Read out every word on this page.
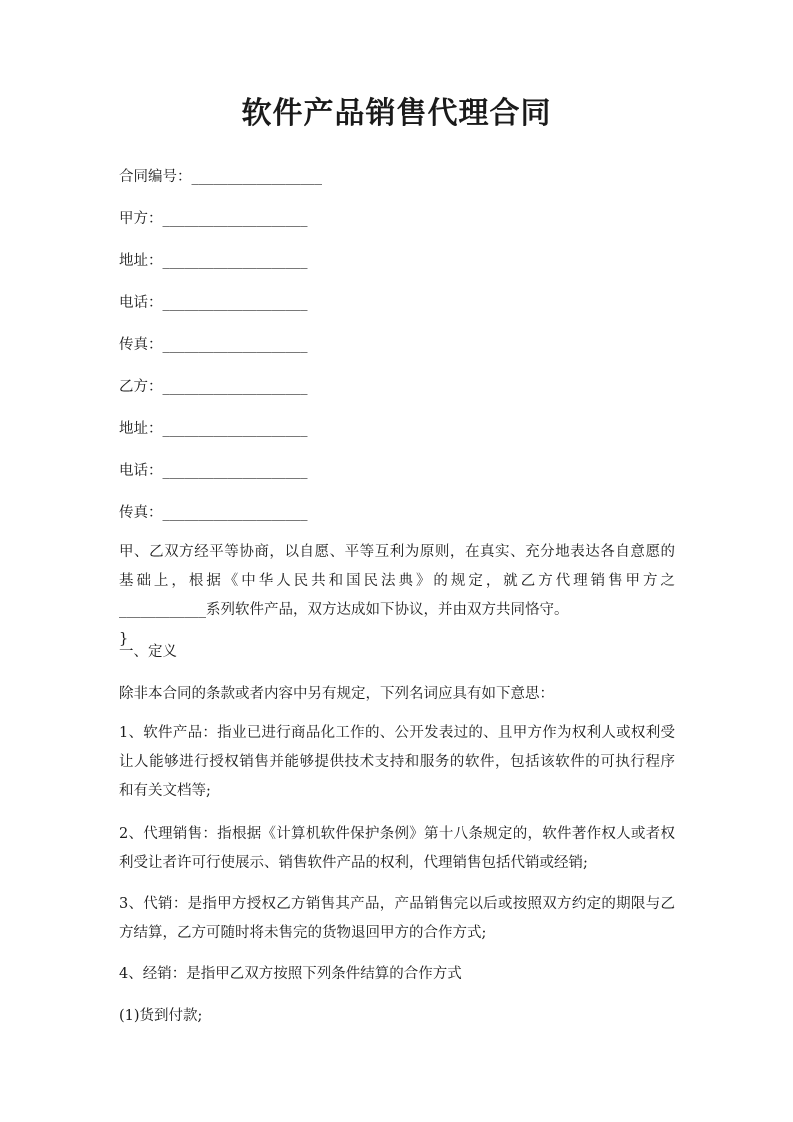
软件产品销售代理合同
合同编号：__________________
甲方：____________________
地址：____________________
电话：____________________
传真：____________________
乙方：____________________
地址：____________________
电话：____________________
传真：____________________
甲、乙双方经平等协商，以自愿、平等互利为原则，在真实、充分地表达各自意愿的
基础上，根据《中华人民共和国民法典》的规定，就乙方代理销售甲方之
____________系列软件产品，双方达成如下协议，并由双方共同恪守。
}
一、定义
除非本合同的条款或者内容中另有规定，下列名词应具有如下意思：
1、软件产品：指业已进行商品化工作的、公开发表过的、且甲方作为权利人或权利受
让人能够进行授权销售并能够提供技术支持和服务的软件，包括该软件的可执行程序
和有关文档等;
2、代理销售：指根据《计算机软件保护条例》第十八条规定的，软件著作权人或者权
利受让者许可行使展示、销售软件产品的权利，代理销售包括代销或经销;
3、代销：是指甲方授权乙方销售其产品，产品销售完以后或按照双方约定的期限与乙
方结算，乙方可随时将未售完的货物退回甲方的合作方式;
4、经销：是指甲乙双方按照下列条件结算的合作方式
(1)货到付款;
